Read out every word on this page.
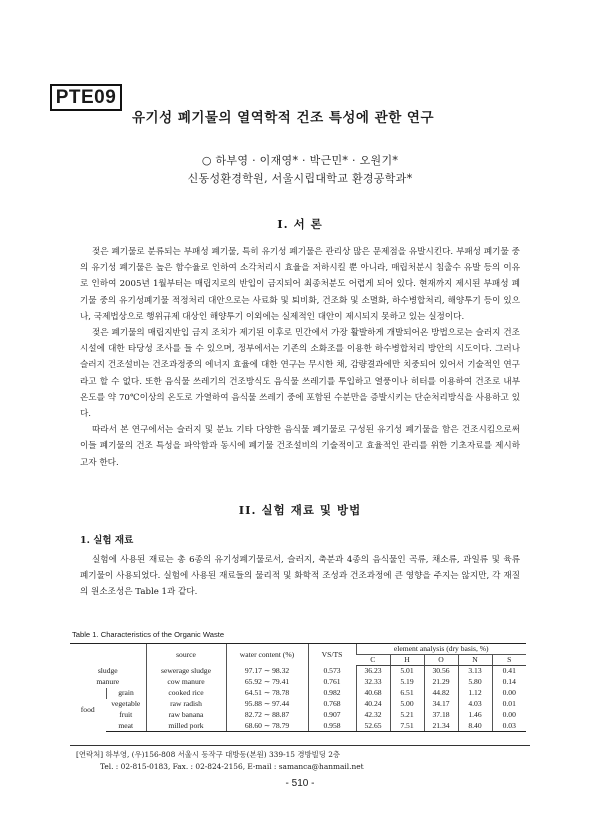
PTE09
유기성 폐기물의 열역학적 건조 특성에 관한 연구
○ 하부영 · 이재영* · 박근민* · 오원기*
신동성환경학원, 서울시립대학교 환경공학과*
I. 서 론

젖은 폐기물로 분류되는 부패성 폐기물, 특히 유기성 폐기물은 관리상 많은 문제점을 유발시킨다. 부패성 폐기물 중의 유기성 폐기물은 높은 함수율로 인하여 소각처리시 효율을 저하시킬 뿐 아니라, 매립처분시 침출수 유발 등의 이유로 인하여 2005년 1월부터는 매립지로의 반입이 금지되어 최종처분도 어렵게 되어 있다. 현재까지 제시된 부패성 폐기물 중의 유기성폐기물 적정처리 대안으로는 사료화 및 퇴비화, 건조화 및 소멸화, 하수병합처리, 해양투기 등이 있으나, 국제법상으로 행위규제 대상인 해양투기 이외에는 실제적인 대안이 제시되지 못하고 있는 실정이다.

젖은 폐기물의 매립지반입 금지 조치가 제기된 이후로 민간에서 가장 활발하게 개발되어온 방법으로는 슬러지 건조시설에 대한 타당성 조사를 들 수 있으며, 정부에서는 기존의 소화조를 이용한 하수병합처리 방안의 시도이다. 그러나 슬러지 건조설비는 건조과정중의 에너지 효율에 대한 연구는 무시한 채, 감량결과에만 치중되어 있어서 기술적인 연구라고 할 수 없다. 또한 음식물 쓰레기의 건조방식도 음식물 쓰레기를 투입하고 열풍이나 히터를 이용하여 건조로 내부온도를 약 70℃이상의 온도로 가열하여 음식물 쓰레기 중에 포함된 수분만을 증발시키는 단순처리방식을 사용하고 있다.

따라서 본 연구에서는 슬러지 및 분뇨 기타 다양한 음식물 폐기물로 구성된 유기성 폐기물을 함은 건조시킴으로써 이들 폐기물의 건조 특성을 파악함과 동시에 폐기물 건조설비의 기술적이고 효율적인 관리를 위한 기초자료를 제시하고자 한다.

II. 실험 재료 및 방법
1. 실험 재료

실험에 사용된 재료는 총 6종의 유기성폐기물로서, 슬러지, 축분과 4종의 음식물인 곡류, 채소류, 과일류 및 육류 폐기물이 사용되었다. 실험에 사용된 재료들의 물리적 및 화학적 조성과 건조과정에 큰 영향을 주지는 않지만, 각 재질의 원소조성은 Table 1과 같다.

Table 1. Characteristics of the Organic Waste
		source	water content (%)	VS/TS	element analysis (dry basis, %)				
					C	H	O	N	S
sludge		sewerage sludge	97.17 ∼ 98.32	0.573	36.23	5.01	30.56	3.13	0.41
manure		cow manure	65.92 ∼ 79.41	0.761	32.33	5.19	21.29	5.80	0.14
food	grain	cooked rice	64.51 ∼ 78.78	0.982	40.68	6.51	44.82	1.12	0.00
	vegetable	raw radish	95.88 ∼ 97.44	0.768	40.24	5.00	34.17	4.03	0.01
	fruit	raw banana	82.72 ∼ 88.87	0.907	42.32	5.21	37.18	1.46	0.00
	meat	milled pork	68.60 ∼ 78.79	0.958	52.65	7.51	21.34	8.40	0.03
[연락처] 하부영, (우)156-808 서울시 동작구 대방동(본원) 339-15 경방빌딩 2층
Tel. : 02-815-0183, Fax. : 02-824-2156, E-mail : samanca@hanmail.net
- 510 -
